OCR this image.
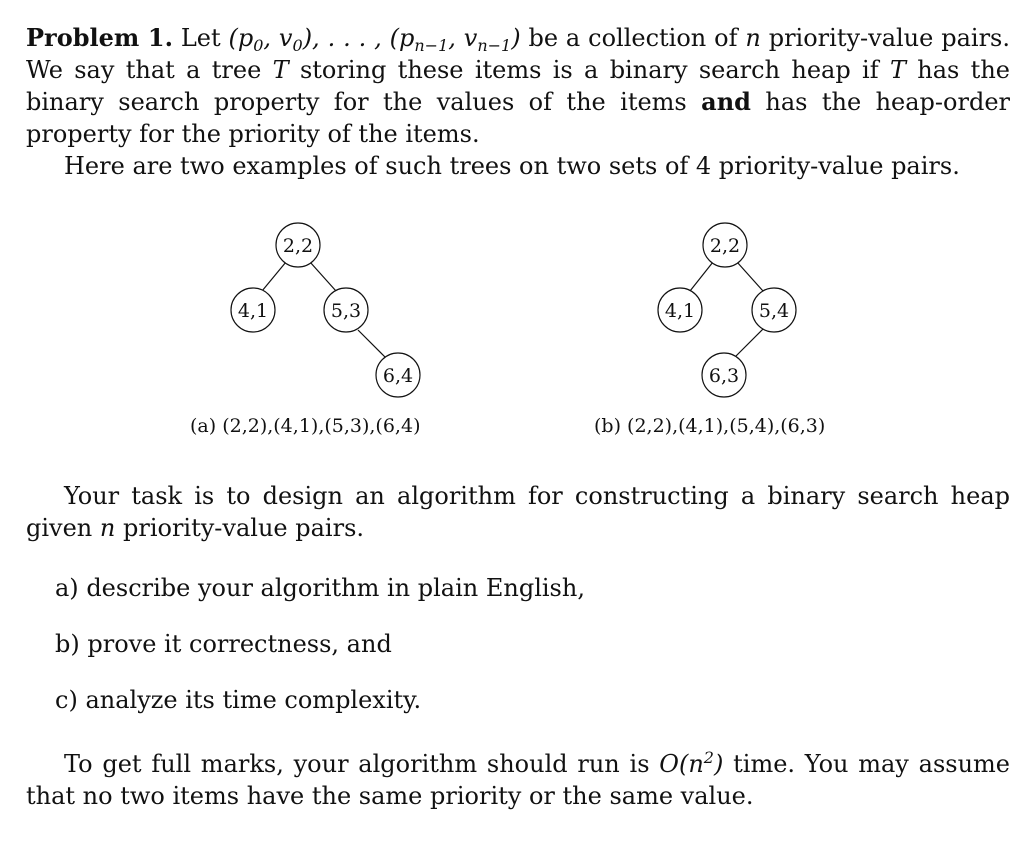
Problem 1. Let ($p_0$, $v_0$), . . . , ($p_{n-1}$, $v_{n-1}$) be a collection of n priority-value pairs. We say that a tree T storing these items is a binary search heap if T has the binary search property for the values of the items and has the heap-order property for the priority of the items.

Here are two examples of such trees on two sets of 4 priority-value pairs.

2,2
4,1	5,3
6,4
(a) (2,2),(4,1),(5,3),(6,4)
2,2
4,1	5,4
6,3
(b) (2,2),(4,1),(5,4),(6,3)

Your task is to design an algorithm for constructing a binary search heap given n priority-value pairs.

a) describe your algorithm in plain English,
b) prove it correctness, and
c) analyze its time complexity.

To get full marks, your algorithm should run is $O(n^2)$ time. You may assume that no two items have the same priority or the same value.
